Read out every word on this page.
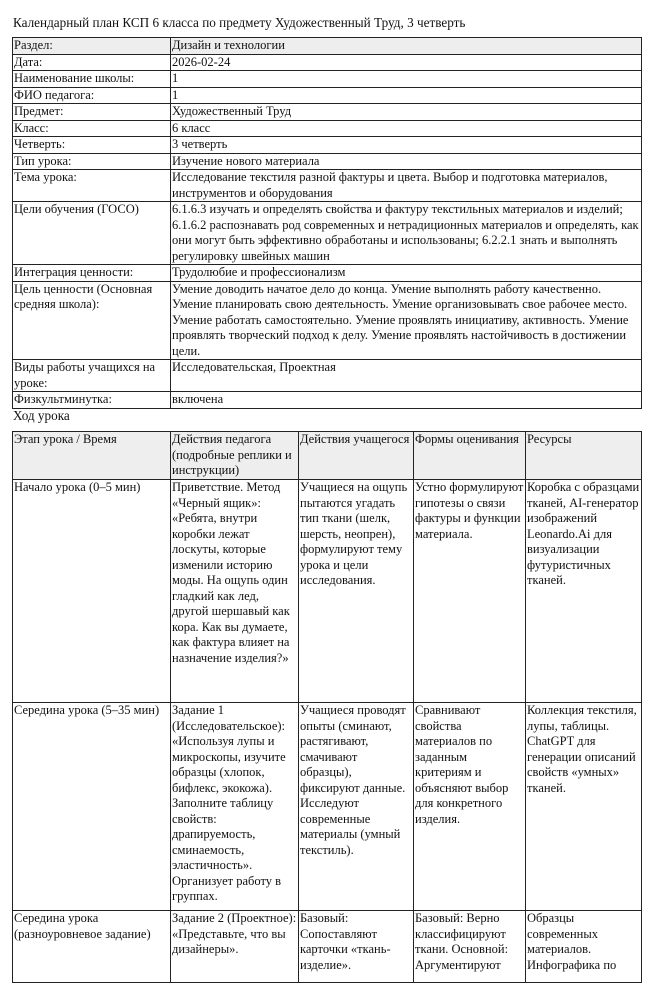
Календарный план КСП 6 класса по предмету Художественный Труд, 3 четверть
Раздел:	Дизайн и технологии
Дата:	2026-02-24
Наименование школы:	1
ФИО педагога:	1
Предмет:	Художественный Труд
Класс:	6 класс
Четверть:	3 четверть
Тип урока:	Изучение нового материала
Тема урока:	Исследование текстиля разной фактуры и цвета. Выбор и подготовка материалов, инструментов и оборудования
Цели обучения (ГОСО)	6.1.6.3 изучать и определять свойства и фактуру текстильных материалов и изделий; 6.1.6.2 распознавать род современных и нетрадиционных материалов и определять, как они могут быть эффективно обработаны и использованы; 6.2.2.1 знать и выполнять регулировку швейных машин
Интеграция ценности:	Трудолюбие и профессионализм
Цель ценности (Основная средняя школа):	Умение доводить начатое дело до конца. Умение выполнять работу качественно. Умение планировать свою деятельность. Умение организовывать свое рабочее место. Умение работать самостоятельно. Умение проявлять инициативу, активность. Умение проявлять творческий подход к делу. Умение проявлять настойчивость в достижении цели.
Виды работы учащихся на уроке:	Исследовательская, Проектная
Физкультминутка:	включена
Ход урока
Этап урока / Время	Действия педагога (подробные реплики и инструкции)	Действия учащегося	Формы оценивания	Ресурсы
Начало урока (0–5 мин)	Приветствие. Метод «Черный ящик»: «Ребята, внутри коробки лежат лоскуты, которые изменили историю моды. На ощупь один гладкий как лед, другой шершавый как кора. Как вы думаете, как фактура влияет на назначение изделия?»	Учащиеся на ощупь пытаются угадать тип ткани (шелк, шерсть, неопрен), формулируют тему урока и цели исследования.	Устно формулируют гипотезы о связи фактуры и функции материала.	Коробка с образцами тканей, AI-генератор изображений Leonardo.Ai для визуализации футуристичных тканей.
Середина урока (5–35 мин)	Задание 1 (Исследовательское): «Используя лупы и микроскопы, изучите образцы (хлопок, бифлекс, экокожа). Заполните таблицу свойств: драпируемость, сминаемость, эластичность». Организует работу в группах.	Учащиеся проводят опыты (сминают, растягивают, смачивают образцы), фиксируют данные. Исследуют современные материалы (умный текстиль).	Сравнивают свойства материалов по заданным критериям и объясняют выбор для конкретного изделия.	Коллекция текстиля, лупы, таблицы. ChatGPT для генерации описаний свойств «умных» тканей.
Середина урока (разноуровневое задание)	Задание 2 (Проектное): «Представьте, что вы дизайнеры».	Базовый: Сопоставляют карточки «ткань-изделие».	Базовый: Верно классифицируют ткани. Основной: Аргументируют	Образцы современных материалов. Инфографика по
